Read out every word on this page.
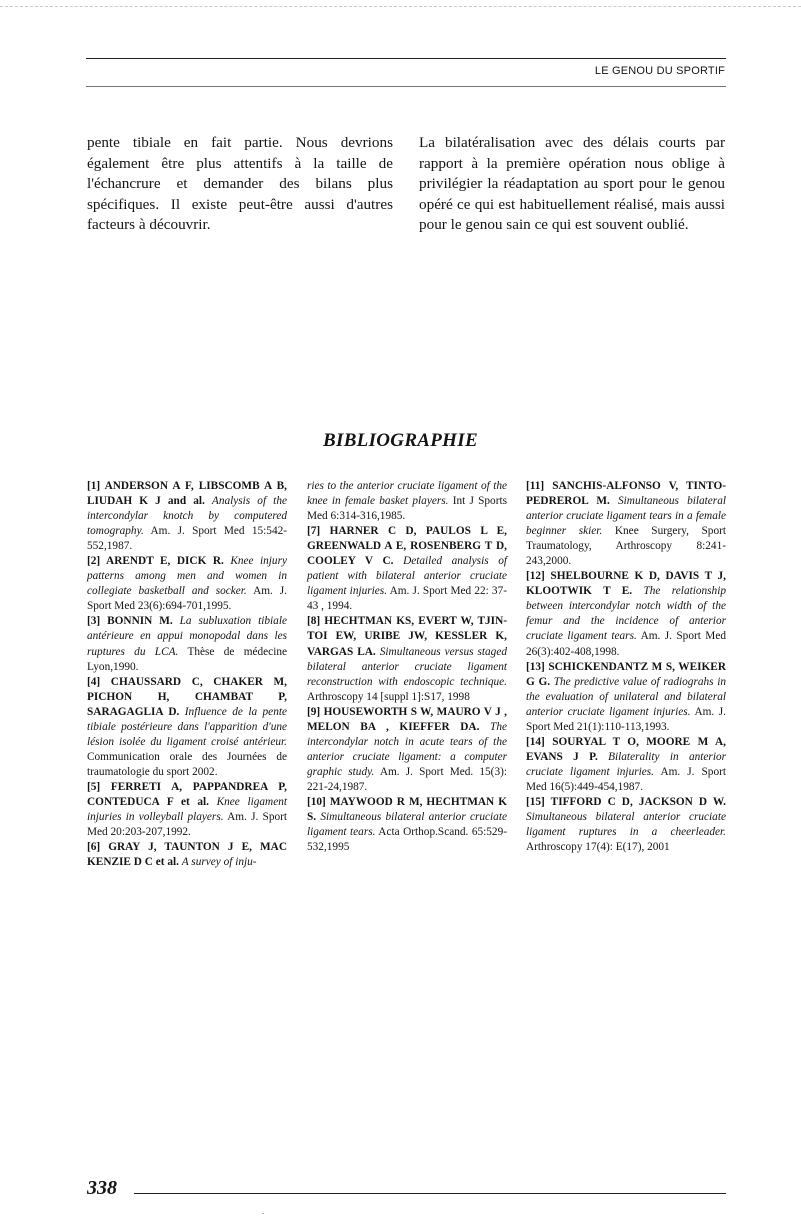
LE GENOU DU SPORTIF

pente tibiale en fait partie. Nous devrions également être plus attentifs à la taille de l'échancrure et demander des bilans plus spécifiques. Il existe peut-être aussi d'autres facteurs à découvrir.

La bilatéralisation avec des délais courts par rapport à la première opération nous oblige à privilégier la réadaptation au sport pour le genou opéré ce qui est habituellement réalisé, mais aussi pour le genou sain ce qui est souvent oublié.

BIBLIOGRAPHIE

[1] ANDERSON A F, LIBSCOMB A B, LIUDAH K J and al. Analysis of the intercondylar knotch by computered tomography. Am. J. Sport Med 15:542-552,1987.

[2] ARENDT E, DICK R. Knee injury patterns among men and women in collegiate basketball and socker. Am. J. Sport Med 23(6):694-701,1995.

[3] BONNIN M. La subluxation tibiale antérieure en appui monopodal dans les ruptures du LCA. Thèse de médecine Lyon,1990.

[4] CHAUSSARD C, CHAKER M, PICHON H, CHAMBAT P, SARAGAGLIA D. Influence de la pente tibiale postérieure dans l'apparition d'une lésion isolée du ligament croisé antérieur. Communication orale des Journées de traumatologie du sport 2002.

[5] FERRETI A, PAPPANDREA P, CONTEDUCA F et al. Knee ligament injuries in volleyball players. Am. J. Sport Med 20:203-207,1992.

[6] GRAY J, TAUNTON J E, MAC KENZIE D C et al. A survey of inju-

ries to the anterior cruciate ligament of the knee in female basket players. Int J Sports Med 6:314-316,1985.

[7] HARNER C D, PAULOS L E, GREENWALD A E, ROSENBERG T D, COOLEY V C. Detailed analysis of patient with bilateral anterior cruciate ligament injuries. Am. J. Sport Med 22: 37-43 , 1994.

[8] HECHTMAN KS, EVERT W, TJIN-TOI EW, URIBE JW, KESSLER K, VARGAS LA. Simultaneous versus staged bilateral anterior cruciate ligament reconstruction with endoscopic technique. Arthroscopy 14 [suppl 1]:S17, 1998

[9] HOUSEWORTH S W, MAURO V J , MELON BA , KIEFFER DA. The intercondylar notch in acute tears of the anterior cruciate ligament: a computer graphic study. Am. J. Sport Med. 15(3): 221-24,1987.

[10] MAYWOOD R M, HECHTMAN K S. Simultaneous bilateral anterior cruciate ligament tears. Acta Orthop.Scand. 65:529-532,1995

[11] SANCHIS-ALFONSO V, TINTO-PEDREROL M. Simultaneous bilateral anterior cruciate ligament tears in a female beginner skier. Knee Surgery, Sport Traumatology, Arthroscopy 8:241-243,2000.

[12] SHELBOURNE K D, DAVIS T J, KLOOTWIK T E. The relationship between intercondylar notch width of the femur and the incidence of anterior cruciate ligament tears. Am. J. Sport Med 26(3):402-408,1998.

[13] SCHICKENDANTZ M S, WEIKER G G. The predictive value of radiograhs in the evaluation of unilateral and bilateral anterior cruciate ligament injuries. Am. J. Sport Med 21(1):110-113,1993.

[14] SOURYAL T O, MOORE M A, EVANS J P. Bilaterality in anterior cruciate ligament injuries. Am. J. Sport Med 16(5):449-454,1987.

[15] TIFFORD C D, JACKSON D W. Simultaneous bilateral anterior cruciate ligament ruptures in a cheerleader. Arthroscopy 17(4): E(17), 2001

338
